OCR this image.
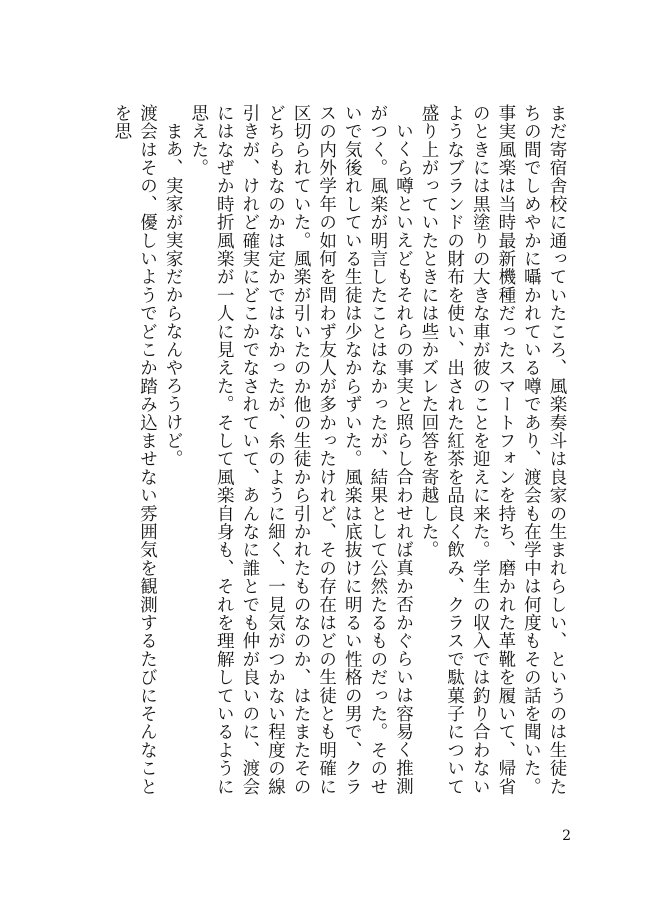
まだ寄宿舎校に通っていたころ、風楽奏斗は良家の生まれらしい、というのは生徒たちの間でしめやかに囁かれている噂であり、渡会も在学中は何度もその話を聞いた。事実風楽は当時最新機種だったスマートフォンを持ち、磨かれた革靴を履いて、帰省のときには黒塗りの大きな車が彼のことを迎えに来た。学生の収入では釣り合わないようなブランドの財布を使い、出された紅茶を品良く飲み、クラスで駄菓子について盛り上がっていたときには些かズレた回答を寄越した。

いくら噂といえどもそれらの事実と照らし合わせれば真か否かぐらいは容易く推測がつく。風楽が明言したことはなかったが、結果として公然たるものだった。そのせいで気後れしている生徒は少なからずいた。風楽は底抜けに明るい性格の男で、クラスの内外学年の如何を問わず友人が多かったけれど、その存在はどの生徒とも明確に区切られていた。風楽が引いたのか他の生徒から引かれたものなのか、はたまたそのどちらもなのかは定かではなかったが、糸のように細く、一見気がつかない程度の線引きが、けれど確実にどこかでなされていて、あんなに誰とでも仲が良いのに、渡会にはなぜか時折風楽が一人に見えた。そして風楽自身も、それを理解しているように思えた。

まあ、実家が実家だからなんやろうけど。

渡会はその、優しいようでどこか踏み込ませない雰囲気を観測するたびにそんなことを思

2
